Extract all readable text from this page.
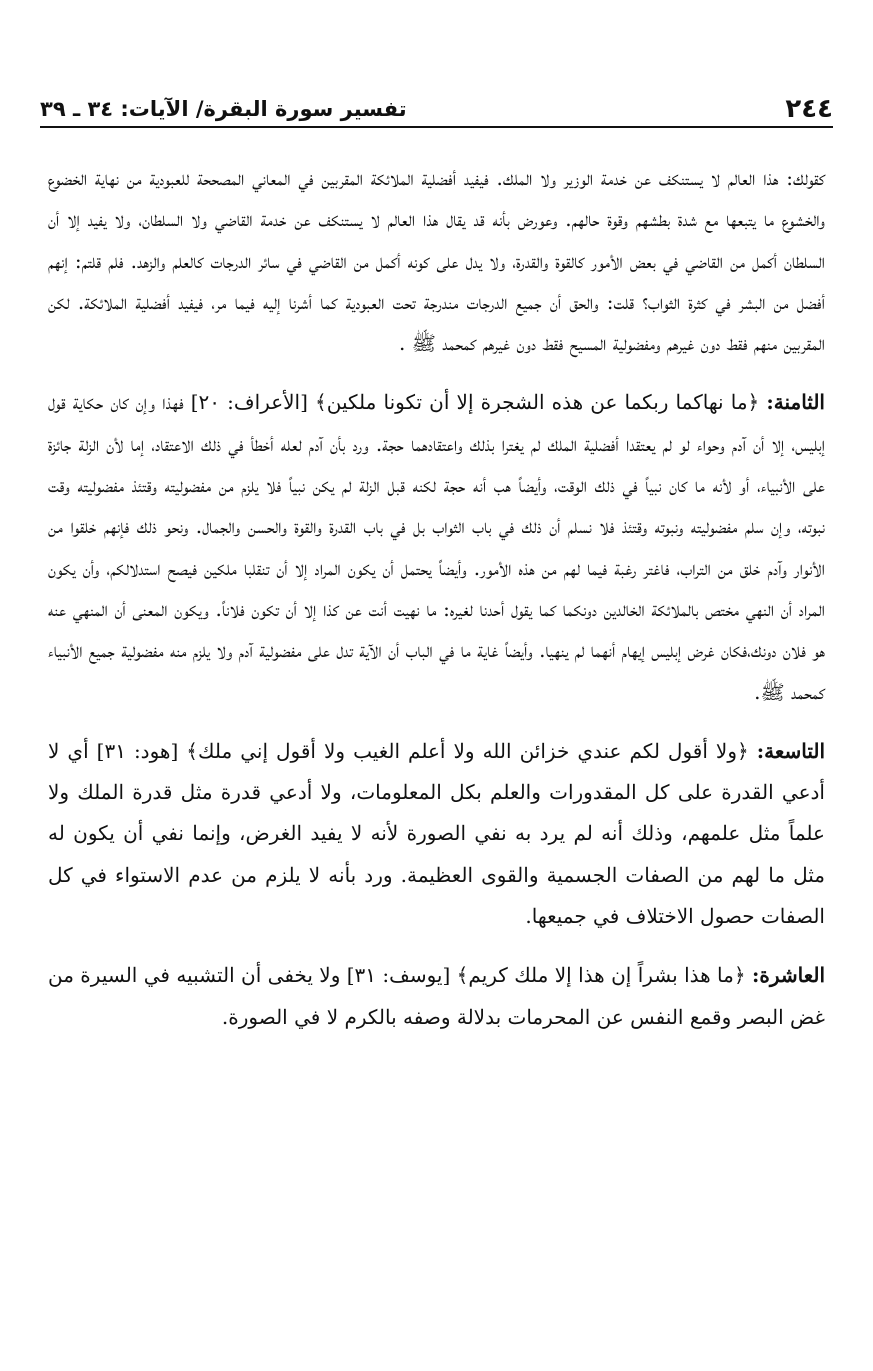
٢٤٤
تفسير سورة البقرة/ الآيات: ٣٤ ـ ٣٩

كقولك: هذا العالم لا يستنكف عن خدمة الوزير ولا الملك. فيفيد أفضلية الملائكة المقربين في المعاني المصححة للعبودية من نهاية الخضوع والخشوع ما يتبعها مع شدة بطشهم وقوة حالهم. وعورض بأنه قد يقال هذا العالم لا يستنكف عن خدمة القاضي ولا السلطان، ولا يفيد إلا أن السلطان أكمل من القاضي في بعض الأمور كالقوة والقدرة، ولا يدل على كونه أكمل من القاضي في سائر الدرجات كالعلم والزهد. فلم قلتم: إنهم أفضل من البشر في كثرة الثواب؟ قلت: والحق أن جميع الدرجات مندرجة تحت العبودية كما أشرنا إليه فيما مر، فيفيد أفضلية الملائكة. لكن المقربين منهم فقط دون غيرهم ومفضولية المسيح فقط دون غيرهم كمحمد ﷺ .

الثامنة: ﴿ما نهاكما ربكما عن هذه الشجرة إلا أن تكونا ملكين﴾ [الأعراف: ٢٠] فهذا وإن كان حكاية قول إبليس، إلا أن آدم وحواء لو لم يعتقدا أفضلية الملك لم يغترا بذلك واعتقادهما حجة. ورد بأن آدم لعله أخطأ في ذلك الاعتقاد، إما لأن الزلة جائزة على الأنبياء، أو لأنه ما كان نبياً في ذلك الوقت، وأيضاً هب أنه حجة لكنه قبل الزلة لم يكن نبياً فلا يلزم من مفضوليته وقتئذ مفضوليته وقت نبوته، وإن سلم مفضوليته ونبوته وقتئذ فلا نسلم أن ذلك في باب الثواب بل في باب القدرة والقوة والحسن والجمال. ونحو ذلك فإنهم خلقوا من الأنوار وآدم خلق من التراب، فاغتر رغبة فيما لهم من هذه الأمور. وأيضاً يحتمل أن يكون المراد إلا أن تنقلبا ملكين فيصح استدلالكم، وأن يكون المراد أن النهي مختص بالملائكة الخالدين دونكما كما يقول أحدنا لغيره: ما نهيت أنت عن كذا إلا أن تكون فلاناً. ويكون المعنى أن المنهي عنه هو فلان دونك،فكان غرض إبليس إيهام أنهما لم ينهيا. وأيضاً غاية ما في الباب أن الآية تدل على مفضولية آدم ولا يلزم منه مفضولية جميع الأنبياء كمحمد ﷺ.

التاسعة: ﴿ولا أقول لكم عندي خزائن الله ولا أعلم الغيب ولا أقول إني ملك﴾ [هود: ٣١] أي لا أدعي القدرة على كل المقدورات والعلم بكل المعلومات، ولا أدعي قدرة مثل قدرة الملك ولا علماً مثل علمهم، وذلك أنه لم يرد به نفي الصورة لأنه لا يفيد الغرض، وإنما نفي أن يكون له مثل ما لهم من الصفات الجسمية والقوى العظيمة. ورد بأنه لا يلزم من عدم الاستواء في كل الصفات حصول الاختلاف في جميعها.

العاشرة: ﴿ما هذا بشراً إن هذا إلا ملك كريم﴾ [يوسف: ٣١] ولا يخفى أن التشبيه في السيرة من غض البصر وقمع النفس عن المحرمات بدلالة وصفه بالكرم لا في الصورة.
